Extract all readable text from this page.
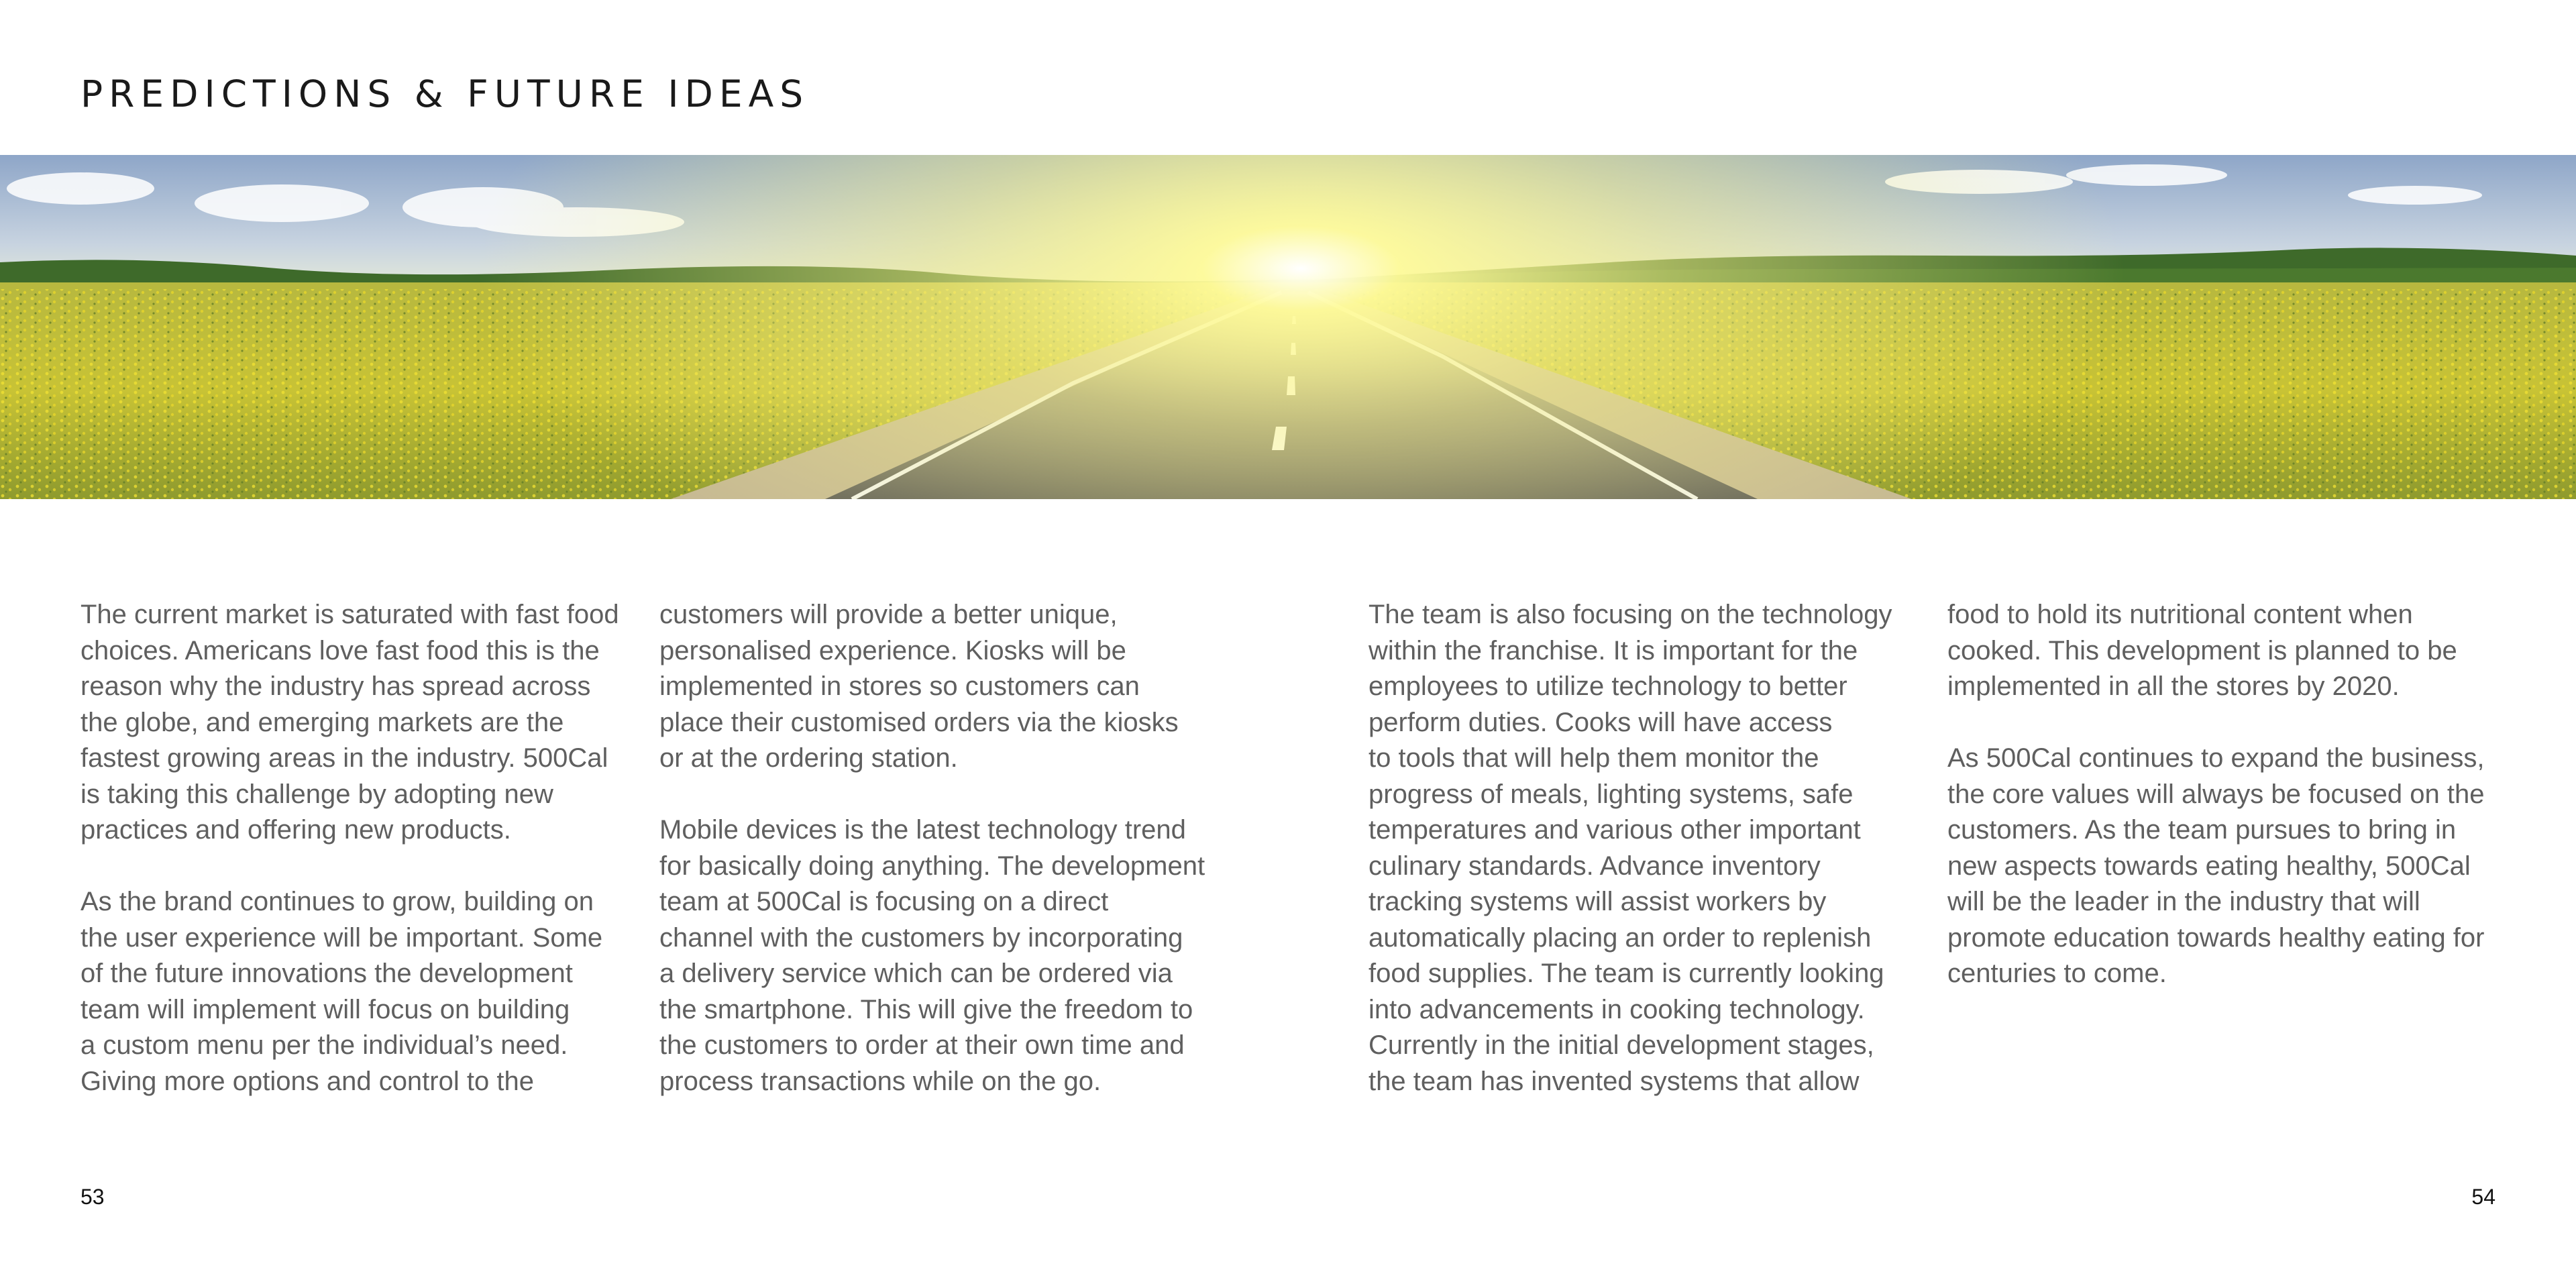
PREDICTIONS & FUTURE IDEAS

The current market is saturated with fast food
choices. Americans love fast food this is the
reason why the industry has spread across
the globe, and emerging markets are the
fastest growing areas in the industry. 500Cal
is taking this challenge by adopting new
practices and offering new products.

As the brand continues to grow, building on
the user experience will be important. Some
of the future innovations the development
team will implement will focus on building
a custom menu per the individual’s need.
Giving more options and control to the

customers will provide a better unique,
personalised experience. Kiosks will be
implemented in stores so customers can
place their customised orders via the kiosks
or at the ordering station.

Mobile devices is the latest technology trend
for basically doing anything. The development
team at 500Cal is focusing on a direct
channel with the customers by incorporating
a delivery service which can be ordered via
the smartphone. This will give the freedom to
the customers to order at their own time and
process transactions while on the go.

The team is also focusing on the technology
within the franchise. It is important for the
employees to utilize technology to better
perform duties. Cooks will have access
to tools that will help them monitor the
progress of meals, lighting systems, safe
temperatures and various other important
culinary standards. Advance inventory
tracking systems will assist workers by
automatically placing an order to replenish
food supplies. The team is currently looking
into advancements in cooking technology.
Currently in the initial development stages,
the team has invented systems that allow

food to hold its nutritional content when
cooked. This development is planned to be
implemented in all the stores by 2020.

As 500Cal continues to expand the business,
the core values will always be focused on the
customers. As the team pursues to bring in
new aspects towards eating healthy, 500Cal
will be the leader in the industry that will
promote education towards healthy eating for
centuries to come.

53	54
